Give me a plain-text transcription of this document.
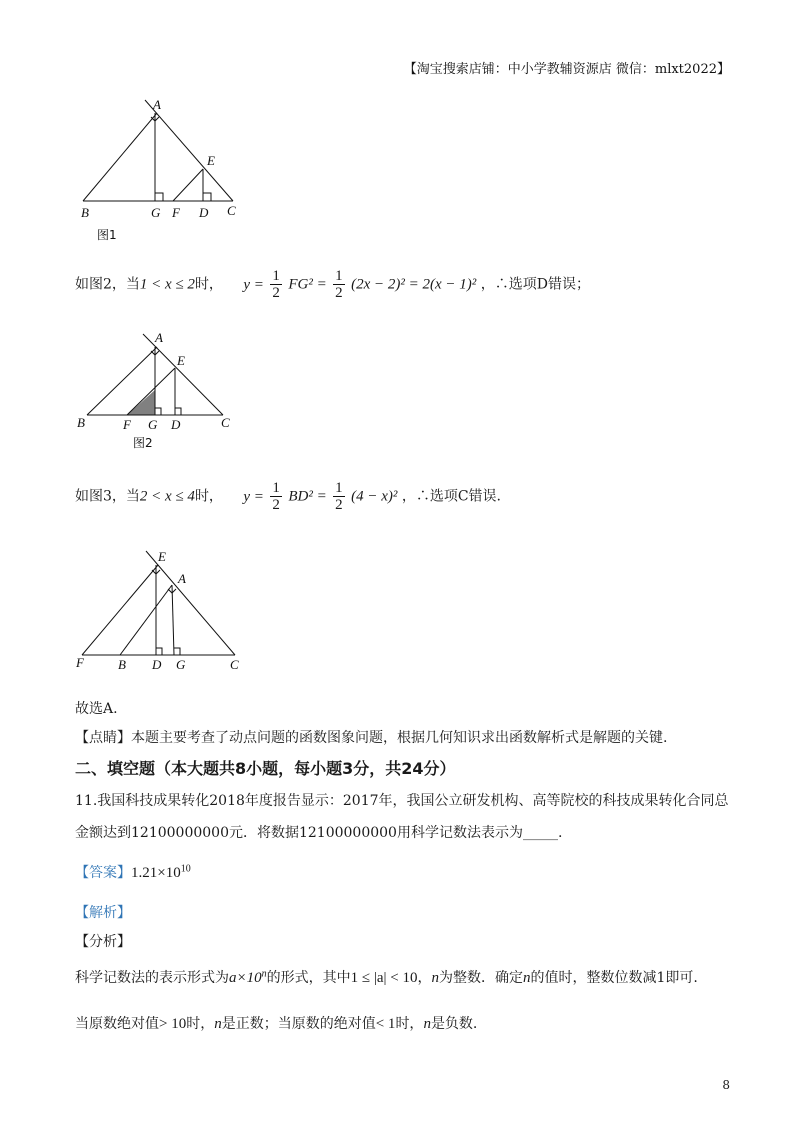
【淘宝搜索店铺：中小学教辅资源店 微信：mlxt2022】
A
E
B	G F D C
图1
如图2，当1 < x ≤ 2时， $y = \frac{1}{2} FG^2 = \frac{1}{2} (2x - 2)^2 = 2(x - 1)^2$ ，∴选项D错误；
A
E
B	F G D	C
图2
如图3，当2 < x ≤ 4时， $y = \frac{1}{2} BD^2 = \frac{1}{2} (4 - x)^2$ ，∴选项C错误.
E
A
F	B D G	C
故选A.
【点睛】本题主要考查了动点问题的函数图象问题，根据几何知识求出函数解析式是解题的关键.
二、填空题（本大题共8小题，每小题3分，共24分）
11.我国科技成果转化2018年度报告显示：2017年，我国公立研发机构、高等院校的科技成果转化合同总
金额达到12100000000元．将数据12100000000用科学记数法表示为_____.
【答案】$1.21\times 10^{10}$
【解析】
【分析】
科学记数法的表示形式为$a\times 10^n$的形式，其中1 ≤ |a| < 10，n为整数．确定n的值时，整数位数减1即可.
当原数绝对值> 10时，n是正数；当原数的绝对值< 1时，n是负数.
8
